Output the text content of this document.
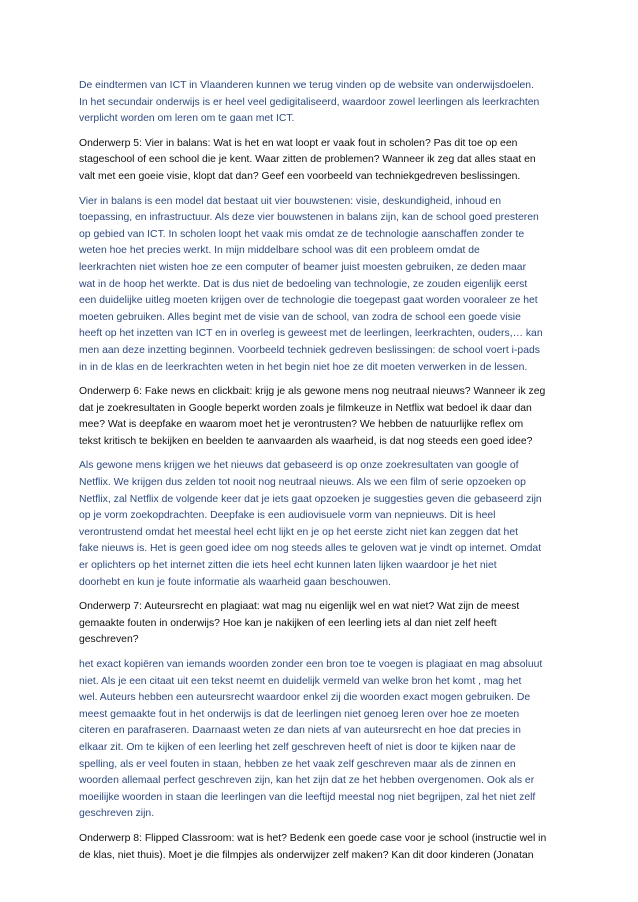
De eindtermen van ICT in Vlaanderen kunnen we terug vinden op de website van onderwijsdoelen.
In het secundair onderwijs is er heel veel gedigitaliseerd, waardoor zowel leerlingen als leerkrachten
verplicht worden om leren om te gaan met ICT.

Onderwerp 5: Vier in balans: Wat is het en wat loopt er vaak fout in scholen? Pas dit toe op een
stageschool of een school die je kent. Waar zitten de problemen? Wanneer ik zeg dat alles staat en
valt met een goeie visie, klopt dat dan? Geef een voorbeeld van techniekgedreven beslissingen.

Vier in balans is een model dat bestaat uit vier bouwstenen: visie, deskundigheid, inhoud en
toepassing, en infrastructuur. Als deze vier bouwstenen in balans zijn, kan de school goed presteren
op gebied van ICT. In scholen loopt het vaak mis omdat ze de technologie aanschaffen zonder te
weten hoe het precies werkt. In mijn middelbare school was dit een probleem omdat de
leerkrachten niet wisten hoe ze een computer of beamer juist moesten gebruiken, ze deden maar
wat in de hoop het werkte. Dat is dus niet de bedoeling van technologie, ze zouden eigenlijk eerst
een duidelijke uitleg moeten krijgen over de technologie die toegepast gaat worden vooraleer ze het
moeten gebruiken. Alles begint met de visie van de school, van zodra de school een goede visie
heeft op het inzetten van ICT en in overleg is geweest met de leerlingen, leerkrachten, ouders,… kan
men aan deze inzetting beginnen. Voorbeeld techniek gedreven beslissingen: de school voert i-pads
in in de klas en de leerkrachten weten in het begin niet hoe ze dit moeten verwerken in de lessen.

Onderwerp 6: Fake news en clickbait: krijg je als gewone mens nog neutraal nieuws? Wanneer ik zeg
dat je zoekresultaten in Google beperkt worden zoals je filmkeuze in Netflix wat bedoel ik daar dan
mee? Wat is deepfake en waarom moet het je verontrusten? We hebben de natuurlijke reflex om
tekst kritisch te bekijken en beelden te aanvaarden als waarheid, is dat nog steeds een goed idee?

Als gewone mens krijgen we het nieuws dat gebaseerd is op onze zoekresultaten van google of
Netflix. We krijgen dus zelden tot nooit nog neutraal nieuws. Als we een film of serie opzoeken op
Netflix, zal Netflix de volgende keer dat je iets gaat opzoeken je suggesties geven die gebaseerd zijn
op je vorm zoekopdrachten. Deepfake is een audiovisuele vorm van nepnieuws. Dit is heel
verontrustend omdat het meestal heel echt lijkt en je op het eerste zicht niet kan zeggen dat het
fake nieuws is. Het is geen goed idee om nog steeds alles te geloven wat je vindt op internet. Omdat
er oplichters op het internet zitten die iets heel echt kunnen laten lijken waardoor je het niet
doorhebt en kun je foute informatie als waarheid gaan beschouwen.

Onderwerp 7: Auteursrecht en plagiaat: wat mag nu eigenlijk wel en wat niet? Wat zijn de meest
gemaakte fouten in onderwijs? Hoe kan je nakijken of een leerling iets al dan niet zelf heeft
geschreven?

het exact kopiëren van iemands woorden zonder een bron toe te voegen is plagiaat en mag absoluut
niet. Als je een citaat uit een tekst neemt en duidelijk vermeld van welke bron het komt , mag het
wel. Auteurs hebben een auteursrecht waardoor enkel zij die woorden exact mogen gebruiken. De
meest gemaakte fout in het onderwijs is dat de leerlingen niet genoeg leren over hoe ze moeten
citeren en parafraseren. Daarnaast weten ze dan niets af van auteursrecht en hoe dat precies in
elkaar zit. Om te kijken of een leerling het zelf geschreven heeft of niet is door te kijken naar de
spelling, als er veel fouten in staan, hebben ze het vaak zelf geschreven maar als de zinnen en
woorden allemaal perfect geschreven zijn, kan het zijn dat ze het hebben overgenomen. Ook als er
moeilijke woorden in staan die leerlingen van die leeftijd meestal nog niet begrijpen, zal het niet zelf
geschreven zijn.

Onderwerp 8: Flipped Classroom: wat is het? Bedenk een goede case voor je school (instructie wel in
de klas, niet thuis). Moet je die filmpjes als onderwijzer zelf maken? Kan dit door kinderen (Jonatan
